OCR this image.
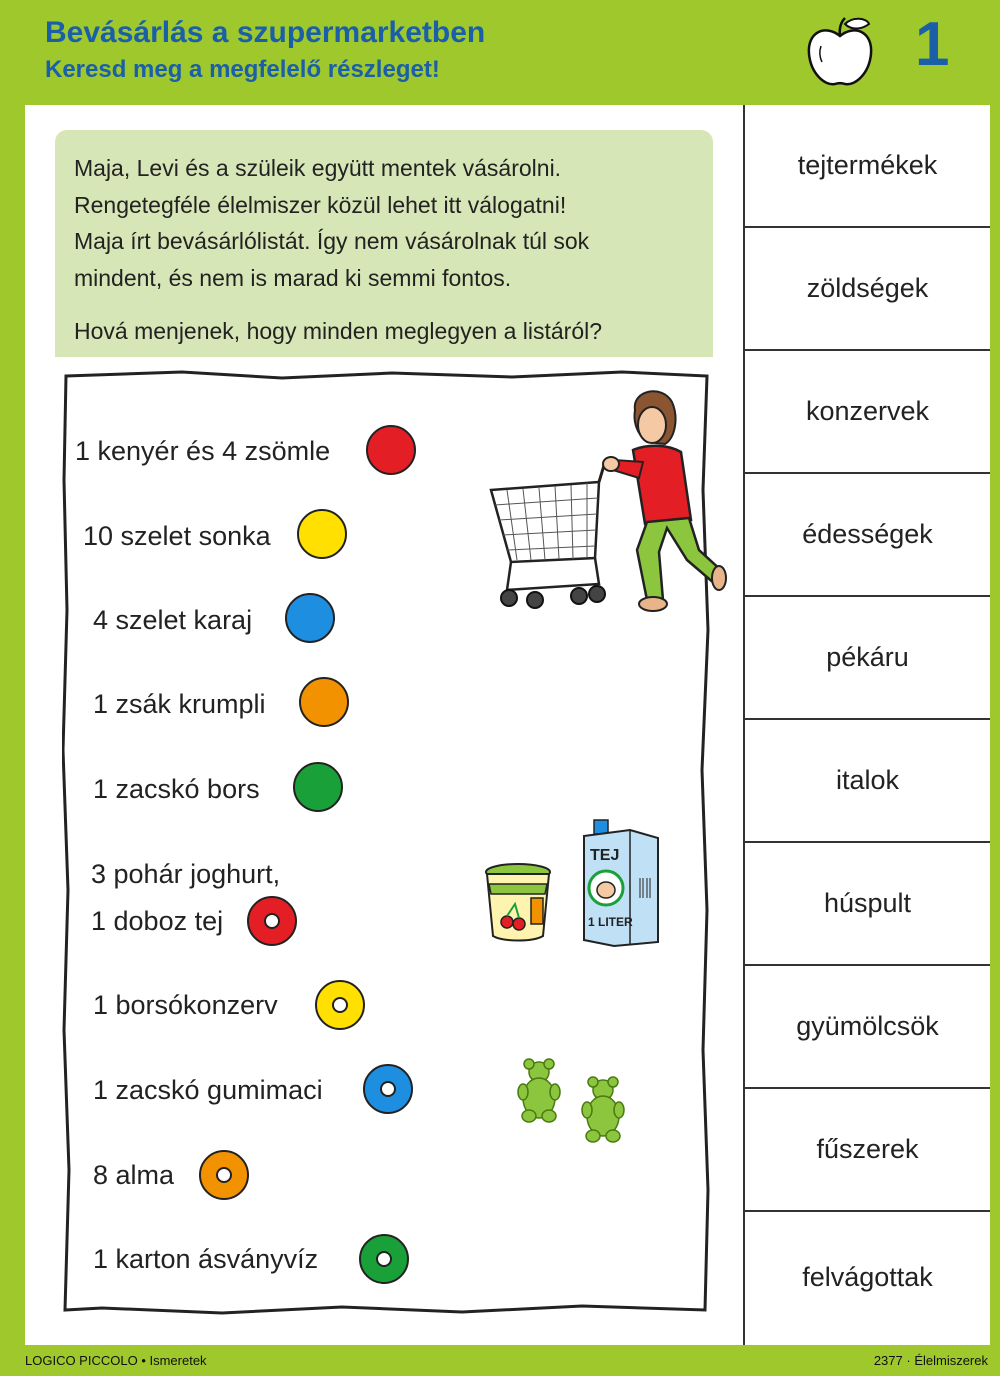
Bevásárlás a szupermarketben
Keresd meg a megfelelő részleget!	1

Maja, Levi és a szüleik együtt mentek vásárolni.

Rengetegféle élelmiszer közül lehet itt válogatni!

Maja írt bevásárlólistát. Így nem vásárolnak túl sok

mindent, és nem is marad ki semmi fontos.

Hová menjenek, hogy minden meglegyen a listáról?

1 kenyér és 4 zsömle
10 szelet sonka
4 szelet karaj
1 zsák krumpli
1 zacskó bors
3 pohár joghurt,
1 doboz tej
1 borsókonzerv
1 zacskó gumimaci
8 alma
1 karton ásványvíz
TEJ
1 LITER
tejtermékek
zöldségek
konzervek
édességek
pékáru
italok
húspult
gyümölcsök
fűszerek
felvágottak
LOGICO PICCOLO • Ismeretek	2377 · Élelmiszerek
